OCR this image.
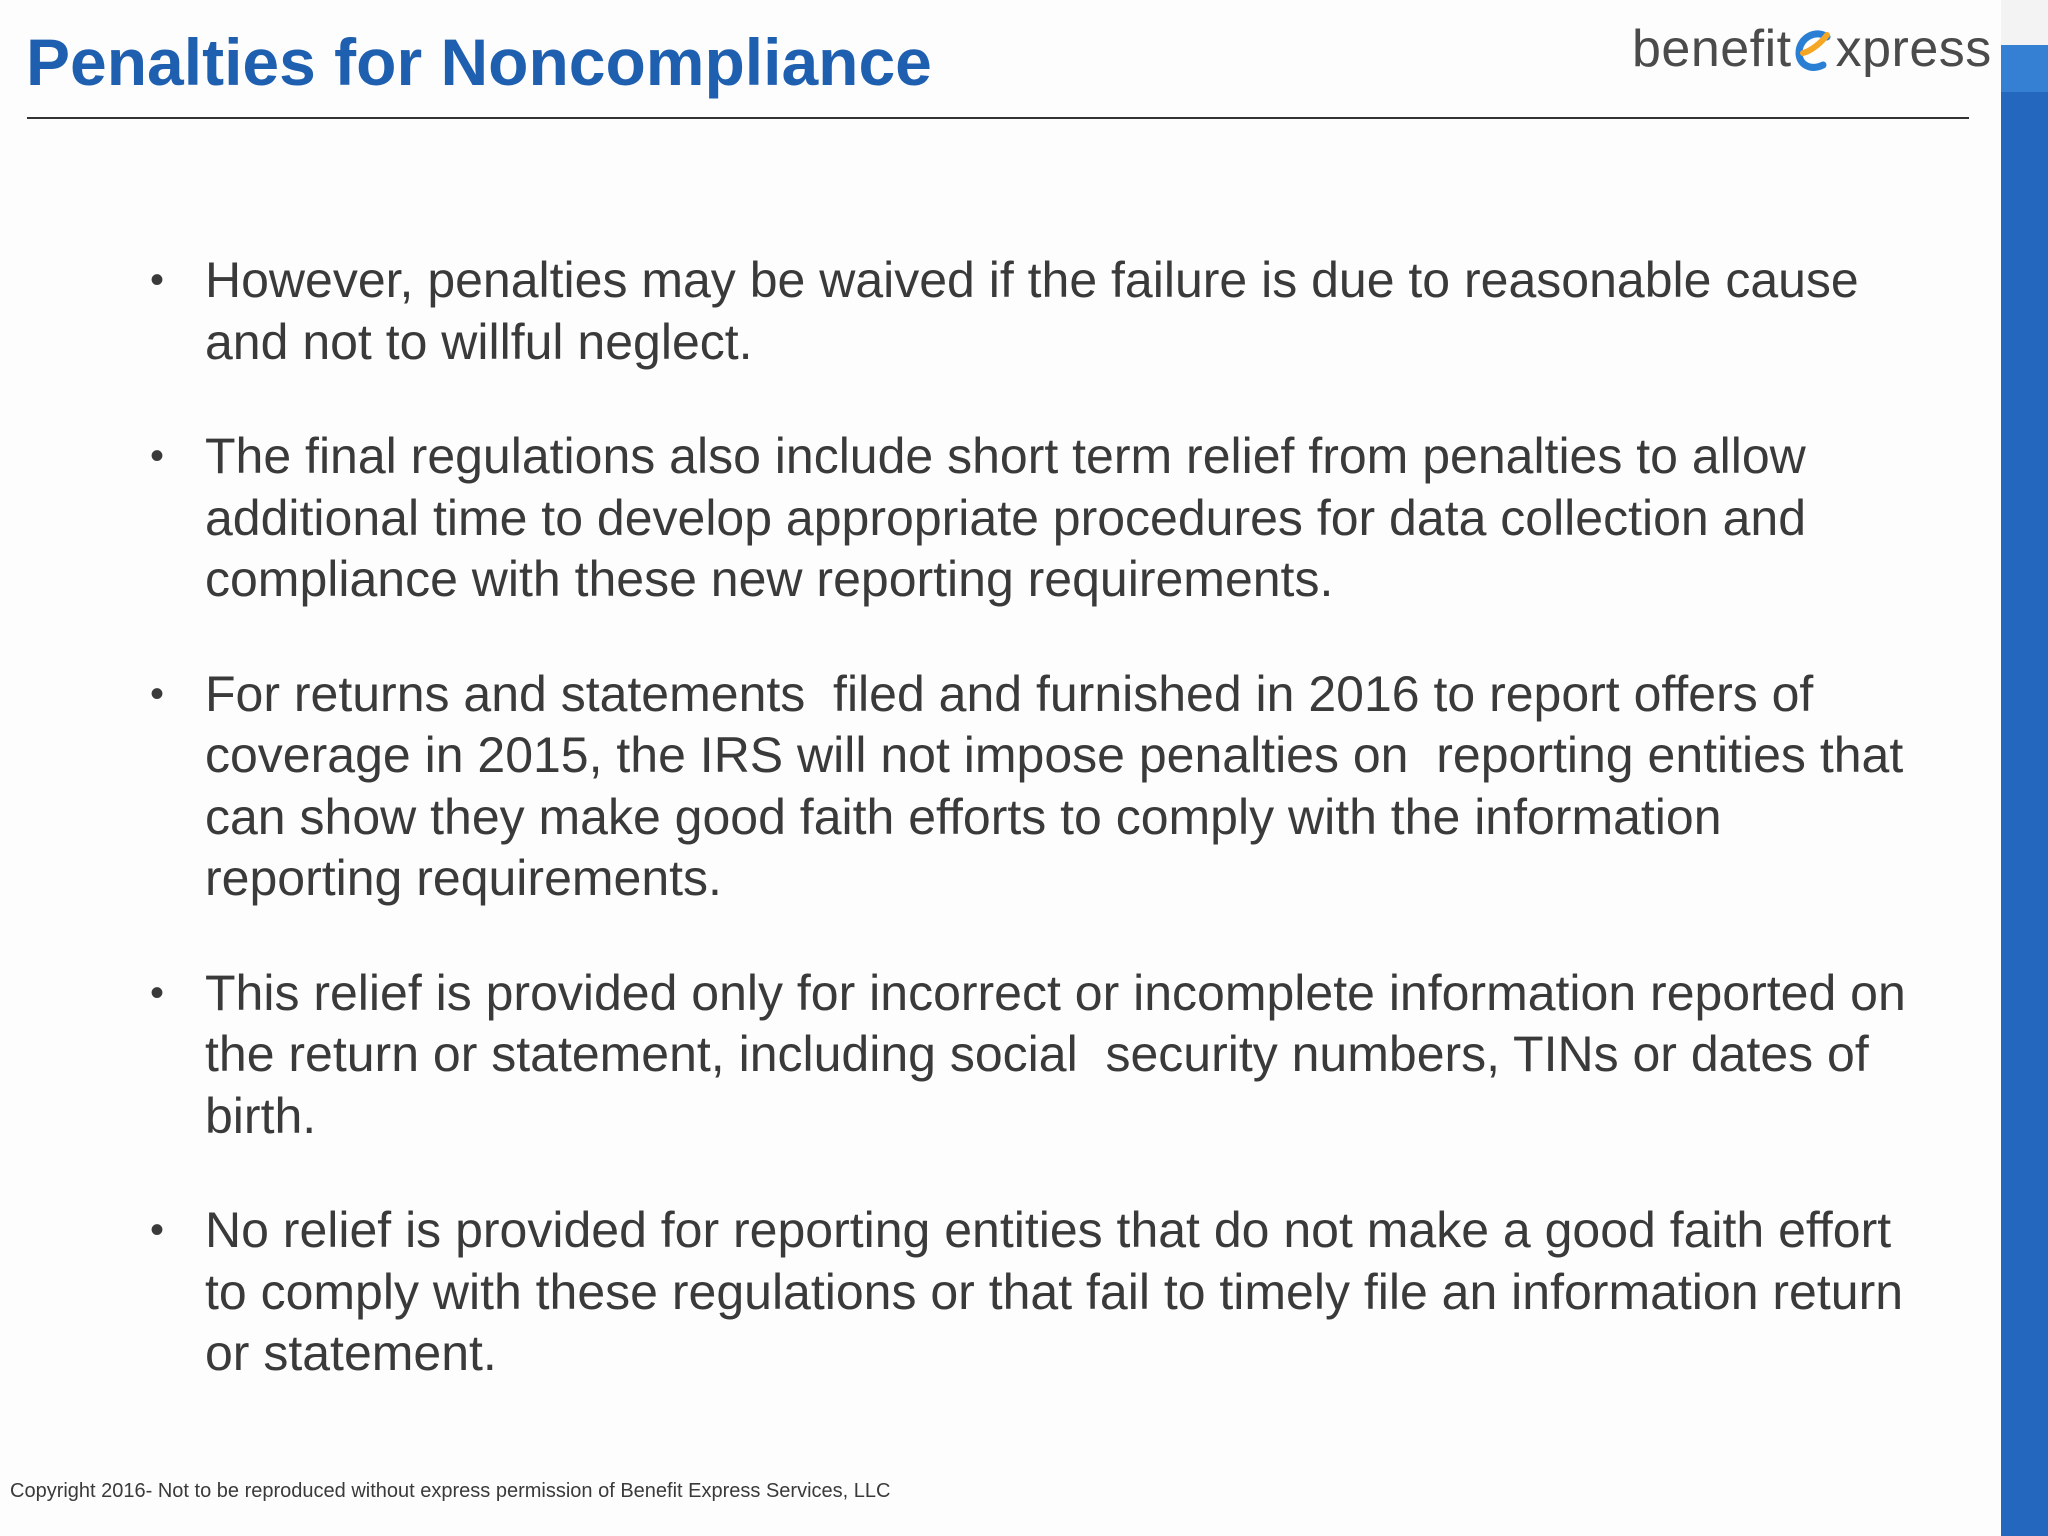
Penalties for Noncompliance	benefit xpress
• However, penalties may be waived if the failure is due to reasonable cause and not to willful neglect.
• The final regulations also include short term relief from penalties to allow additional time to develop appropriate procedures for data collection and compliance with these new reporting requirements.
• For returns and statements  filed and furnished in 2016 to report offers of coverage in 2015, the IRS will not impose penalties on  reporting entities that can show they make good faith efforts to comply with the information reporting requirements.
• This relief is provided only for incorrect or incomplete information reported on the return or statement, including social  security numbers, TINs or dates of birth.
• No relief is provided for reporting entities that do not make a good faith effort to comply with these regulations or that fail to timely file an information return or statement.
Copyright 2016- Not to be reproduced without express permission of Benefit Express Services, LLC
